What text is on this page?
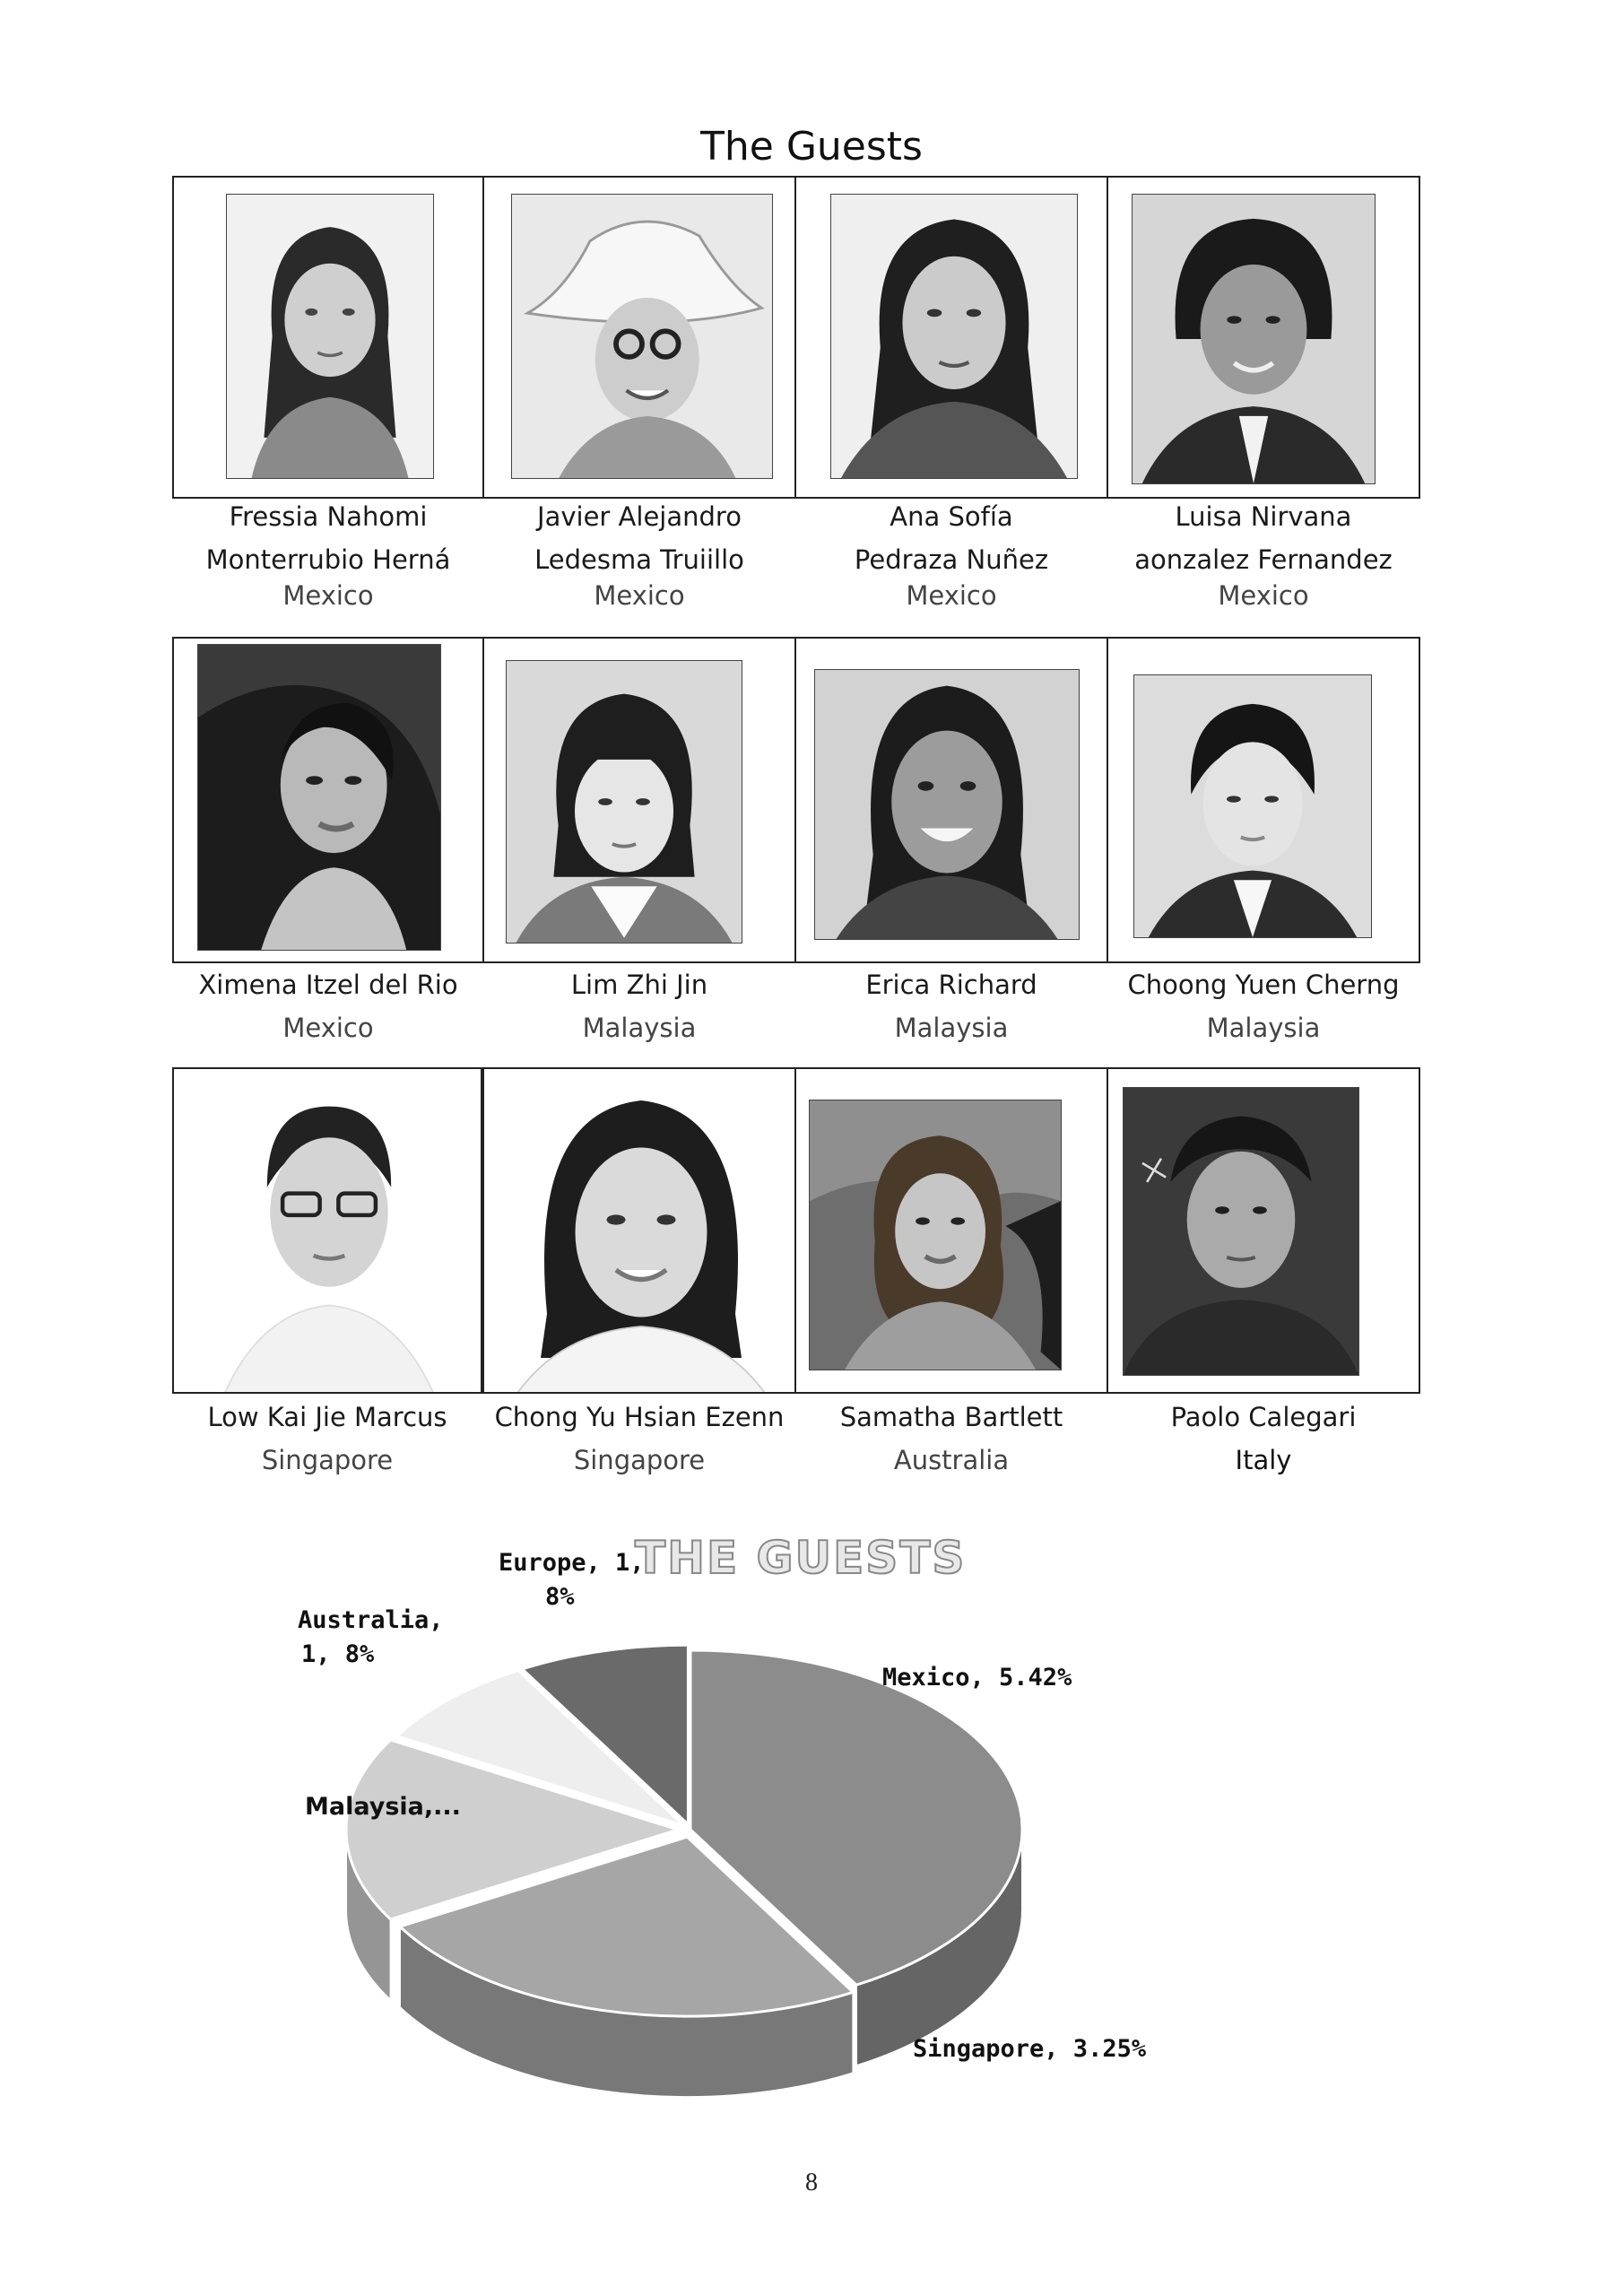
The Guests
Fressia Nahomi
Monterrubio Herná
Mexico
Javier Alejandro
Ledesma Truiillo
Mexico
Ana Sofía
Pedraza Nuñez
Mexico
Luisa Nirvana
aonzalez Fernandez
Mexico
Ximena Itzel del Rio
Mexico
Lim Zhi Jin
Malaysia
Erica Richard
Malaysia
Choong Yuen Cherng
Malaysia
Low Kai Jie Marcus
Singapore
Chong Yu Hsian Ezenn
Singapore
Samatha Bartlett
Australia
Paolo Calegari
Italy
THE GUESTS
Europe, 1,
8%
Australia,
1, 8%
Mexico, 5.42%
Malaysia,...
Singapore, 3.25%
8
